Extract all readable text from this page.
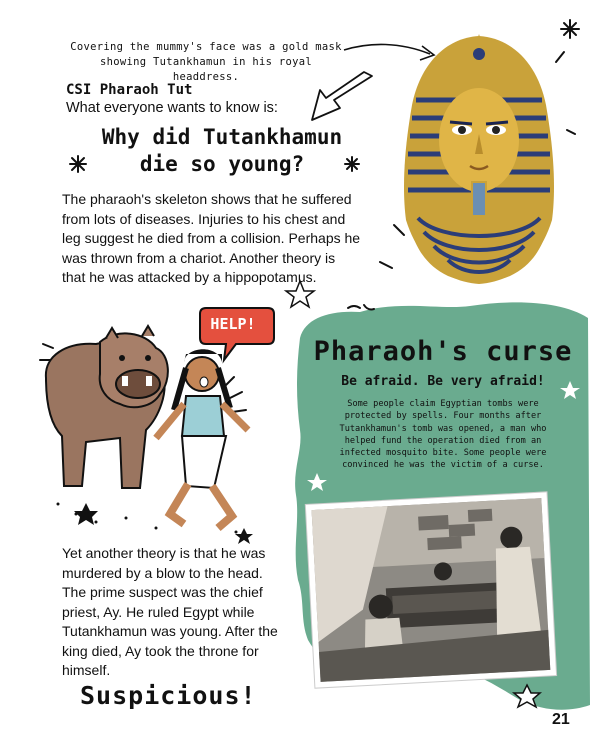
HELP!
Covering the mummy's face was a gold mask showing Tutankhamun in his royal headdress.
CSI Pharaoh Tut
What everyone wants to know is:
Why did Tutankhamun die so young?
The pharaoh's skeleton shows that he suffered from lots of diseases. Injuries to his chest and leg suggest he died from a collision. Perhaps he was thrown from a chariot. Another theory is that he was attacked by a hippopotamus.
Yet another theory is that he was murdered by a blow to the head. The prime suspect was the chief priest, Ay. He ruled Egypt while Tutankhamun was young. After the king died, Ay took the throne for himself.
Suspicious!
Pharaoh's curse
Be afraid. Be very afraid!
Some people claim Egyptian tombs were protected by spells. Four months after Tutankhamun's tomb was opened, a man who helped fund the operation died from an infected mosquito bite. Some people were convinced he was the victim of a curse.
21
